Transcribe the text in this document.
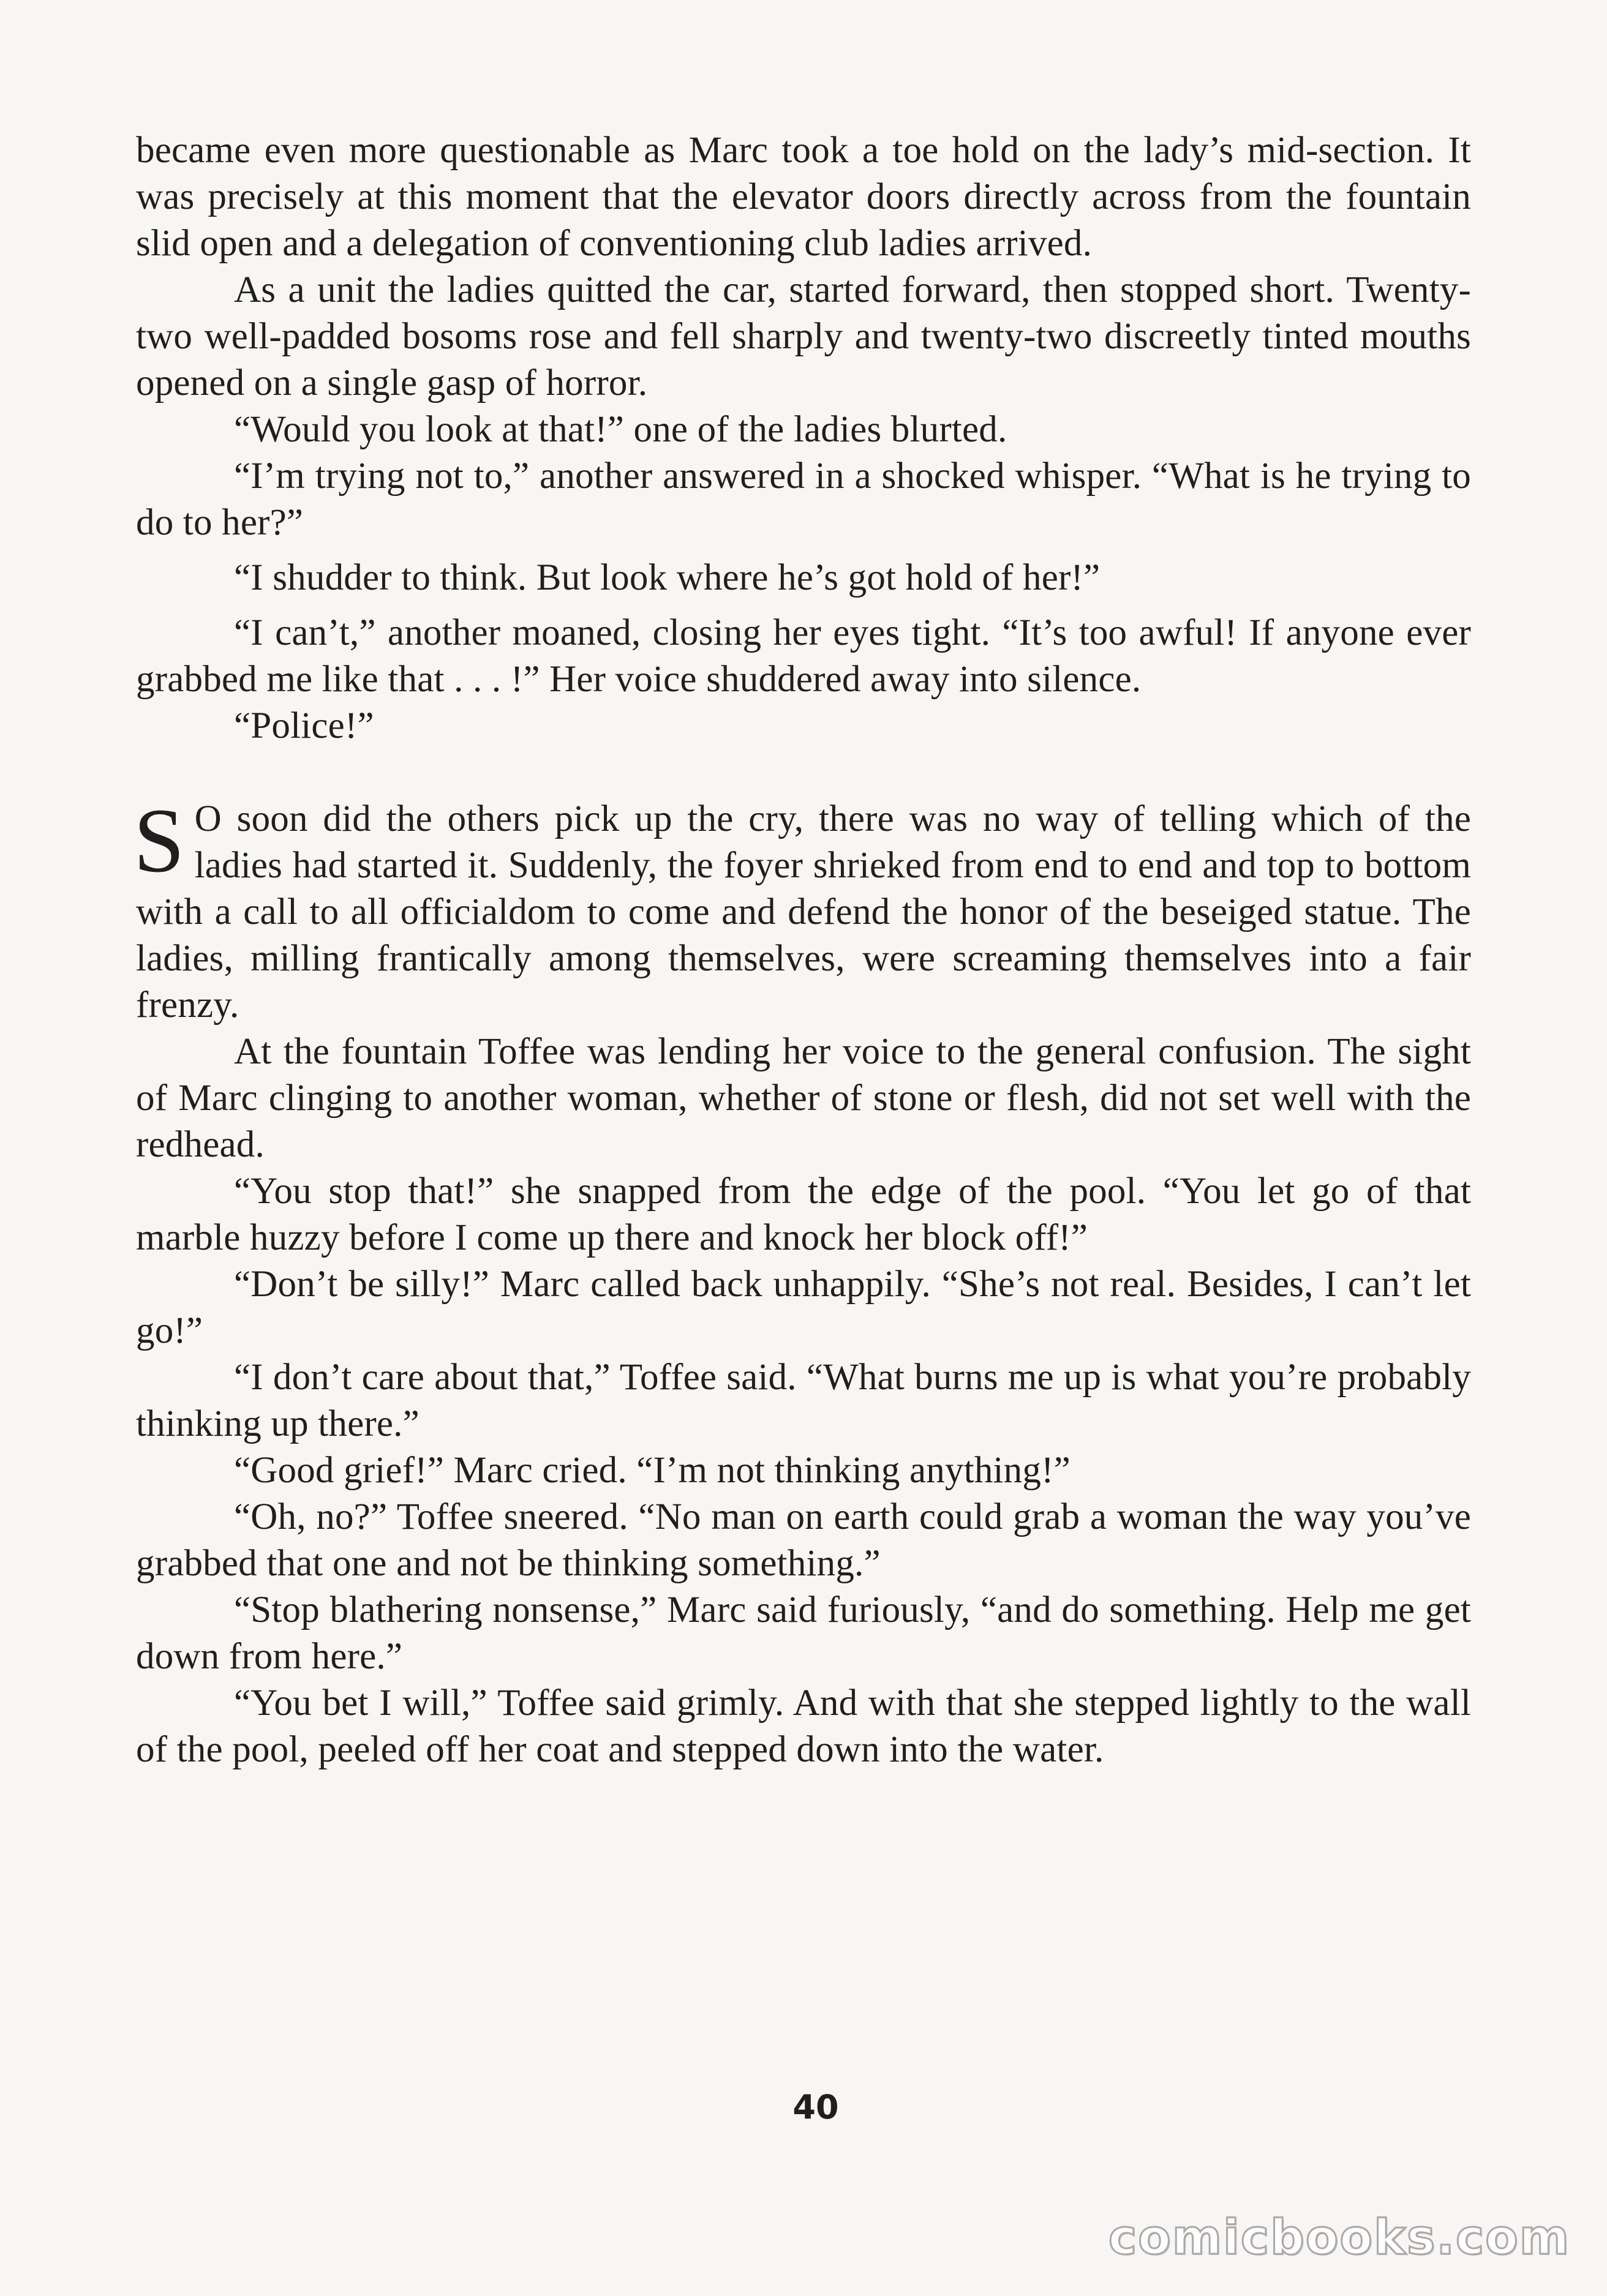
became even more questionable as Marc took a toe hold on the lady’s mid-section. It was precisely at this moment that the elevator doors directly across from the fountain slid open and a delegation of conventioning club ladies arrived.

As a unit the ladies quitted the car, started forward, then stopped short. Twenty-two well-padded bosoms rose and fell sharply and twenty-two discreetly tinted mouths opened on a single gasp of horror.

“Would you look at that!” one of the ladies blurted.

“I’m trying not to,” another answered in a shocked whisper. “What is he trying to do to her?”

“I shudder to think. But look where he’s got hold of her!”

“I can’t,” another moaned, closing her eyes tight. “It’s too awful! If anyone ever grabbed me like that . . . !” Her voice shuddered away into silence.

“Police!”

S O soon did the others pick up the cry, there was no way of telling which of the ladies had started it. Suddenly, the foyer shrieked from end to end and top to bottom with a call to all officialdom to come and defend the honor of the beseiged statue. The ladies, milling frantically among themselves, were screaming themselves into a fair frenzy.

At the fountain Toffee was lending her voice to the general confusion. The sight of Marc clinging to another woman, whether of stone or flesh, did not set well with the redhead.

“You stop that!” she snapped from the edge of the pool. “You let go of that marble huzzy before I come up there and knock her block off!”

“Don’t be silly!” Marc called back unhappily. “She’s not real. Besides, I can’t let go!”

“I don’t care about that,” Toffee said. “What burns me up is what you’re probably thinking up there.”

“Good grief!” Marc cried. “I’m not thinking anything!”

“Oh, no?” Toffee sneered. “No man on earth could grab a woman the way you’ve grabbed that one and not be thinking something.”

“Stop blathering nonsense,” Marc said furiously, “and do something. Help me get down from here.”

“You bet I will,” Toffee said grimly. And with that she stepped lightly to the wall of the pool, peeled off her coat and stepped down into the water.

40
comicbooks.com
